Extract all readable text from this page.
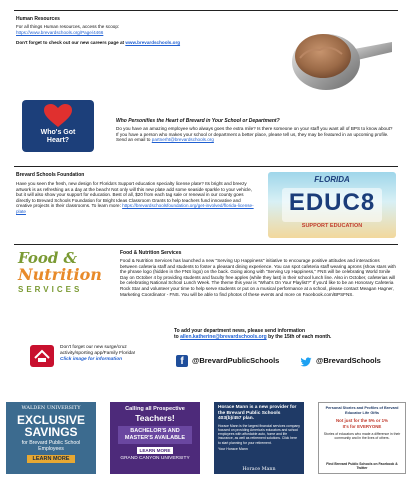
Human Resources
For all things Human resources, access the scoop:
https://www.brevardschools.org/Page/4466
Don't forget to check out our new careers page at www.brevardschools.org
Who's Got
Heart?
Who Personifies the Heart of Brevard in Your School or Department?
Do you have an amazing employee who always goes the extra mile? Is there someone on your staff you want all of BPS to know about? If you have a person who makes your school or department a better place, please tell us, they may be featured in an upcoming profile.
Send an email to partnerht@brevardschools.org
Brevard Schools Foundation
Have you seen the fresh, new design for Florida's Support education specialty license plate? Its bright and breezy artwork is as refreshing as a day at the beach! Not only will this new plate add some seaside sparkle to your vehicle, but it will also show your support for education. Best of all, $20 from each tag sale or renewal in our county goes directly to Brevard Schools Foundation for Bright Ideas Classroom Grants to help teachers fund innovative and creative projects in their classrooms. To learn more: https://brevardschoolsfoundation.org/get-involved/florida-license-plate
FLORIDA
EDUC8
SUPPORT EDUCATION
Food &
Nutrition
SERVICES
Food & Nutrition Services
Food & Nutrition Services has launched a new "Serving Up Happiness" initiative to encourage positive attitudes and interactions between cafeteria staff and students to foster a pleasant dining experience. You can spot cafeteria staff wearing aprons (show stars with the phrase logo (hidden in the FNS logo) on the back. Going along with "Serving Up Happiness," FNS will be celebrating World Smile Day on October 4 by providing students and faculty free apples (while they last) in their school lunch line. Also in October, cafeterias will be celebrating National School Lunch Week. The theme this year is "What's On Your Playlist?" If you'd like to be an Honorary Cafeteria Rock Star and volunteer your time to help serve students or put on a musical performance at a school, please contact Meagan Hagner, Marketing Coordinator - FNS. You will be able to find photos of these events and more on Facebook.com/BPSFNS.
To add your department news, please send information
to allen.katherine@brevardschools.org by the 15th of each month.
Don't forget our new surge/cruz
activity/sporting app/Family Florida!
Click image for information	f	@BrevardPublicSchools	@BrevardSchools
WALDEN UNIVERSITY
EXCLUSIVE
SAVINGS
for Brevard Public School Employees
LEARN MORE
Calling all Prospective
Teachers!
BACHELOR'S AND MASTER'S AVAILABLE
LEARN MORE
GRAND CANYON UNIVERSITY
Horace Mann is a new provider for the Brevard Public Schools 403(b)/457 plan.
Horace Mann is the largest financial services company focused on providing America's educators and school employees with affordable auto, home and life insurance, as well as retirement solutions. Click here to start planning for your retirement.
Your Horace Mann
Horace Mann
Personal Stories and Profiles of Brevard Educator Life Gifts
Not just for the 5% or 1%
It's for EVERYONE
Stories of educators who made a difference in their community and in the lives of others.
Find Brevard Public Schools on Facebook & Twitter
